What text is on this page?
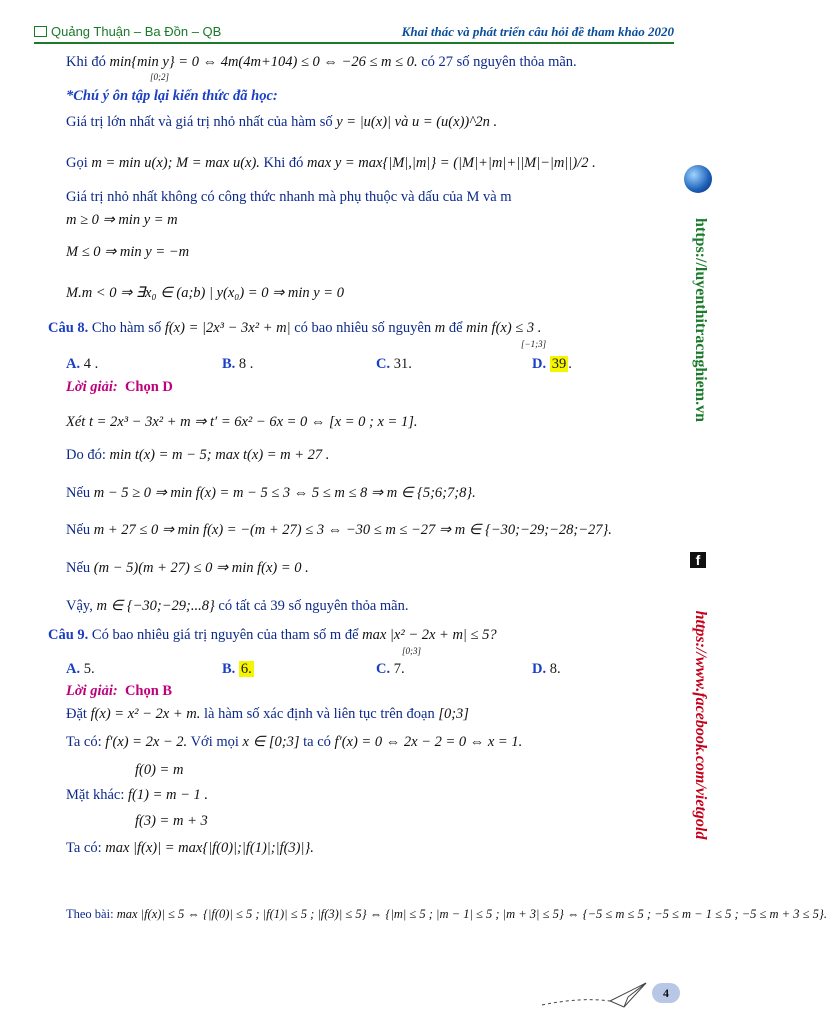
Quảng Thuận – Ba Đồn – QB	Khai thác và phát triển câu hỏi đề tham khảo 2020
Khi đó min{min y} = 0 ⇔ 4m(4m+104) ≤ 0 ⇔ −26 ≤ m ≤ 0. có 27 số nguyên thỏa mãn.
[0;2]
*Chú ý ôn tập lại kiến thức đã học:
Giá trị lớn nhất và giá trị nhỏ nhất của hàm số y = |u(x)| và u = (u(x))^2n .
Gọi m = min u(x); M = max u(x). Khi đó max y = max{|M|,|m|} = (|M|+|m|+||M|−|m||)/2 .
Giá trị nhỏ nhất không có công thức nhanh mà phụ thuộc và dấu của M và m
m ≥ 0 ⇒ min y = m
M ≤ 0 ⇒ min y = −m
M.m < 0 ⇒ ∃x₀ ∈ (a;b) | y(x₀) = 0 ⇒ min y = 0
Câu 8. Cho hàm số f(x) = |2x³ − 3x² + m| có bao nhiêu số nguyên m để min f(x) ≤ 3 .
[−1;3]
A. 4 .	B. 8 .	C. 31.	D. 39 .
Lời giải: Chọn D
Xét t = 2x³ − 3x² + m ⇒ t′ = 6x² − 6x = 0 ⇔ [x = 0 ; x = 1].
Do đó: min t(x) = m − 5; max t(x) = m + 27 .
Nếu m − 5 ≥ 0 ⇒ min f(x) = m − 5 ≤ 3 ⇔ 5 ≤ m ≤ 8 ⇒ m ∈ {5;6;7;8}.
Nếu m + 27 ≤ 0 ⇒ min f(x) = −(m + 27) ≤ 3 ⇔ −30 ≤ m ≤ −27 ⇒ m ∈ {−30;−29;−28;−27}.
Nếu (m − 5)(m + 27) ≤ 0 ⇒ min f(x) = 0 .
Vậy, m ∈ {−30;−29;...8} có tất cả 39 số nguyên thỏa mãn.
Câu 9. Có bao nhiêu giá trị nguyên của tham số m để max |x² − 2x + m| ≤ 5?
[0;3]
A. 5.	B. 6.	C. 7.	D. 8.
Lời giải: Chọn B
Đặt f(x) = x² − 2x + m. là hàm số xác định và liên tục trên đoạn [0;3]
Ta có: f′(x) = 2x − 2. Với mọi x ∈ [0;3] ta có f′(x) = 0 ⇔ 2x − 2 = 0 ⇔ x = 1.
f(0) = m
Mặt khác: f(1) = m − 1 .
f(3) = m + 3
Ta có: max |f(x)| = max{|f(0)|;|f(1)|;|f(3)|}.
Theo bài: max |f(x)| ≤ 5 ⇔ {|f(0)| ≤ 5 ; |f(1)| ≤ 5 ; |f(3)| ≤ 5} ⇔ {|m| ≤ 5 ; |m − 1| ≤ 5 ; |m + 3| ≤ 5} ⇔ {−5 ≤ m ≤ 5 ; −5 ≤ m − 1 ≤ 5 ; −5 ≤ m + 3 ≤ 5}.
https://luyenthitracnghiem.vn
f
https://www.facebook.com/vietgold
4
